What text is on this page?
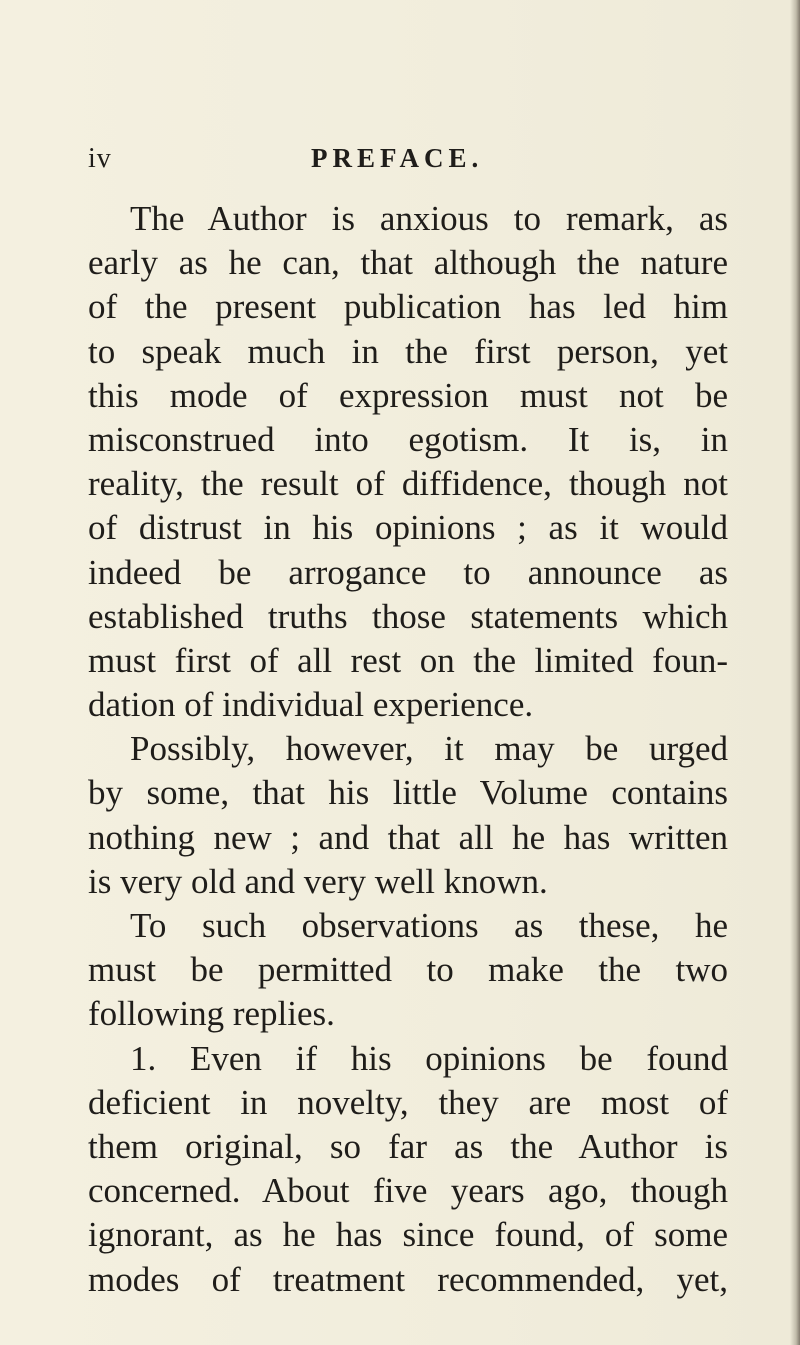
iv	PREFACE.
The Author is anxious to remark, as
early as he can, that although the nature
of the present publication has led him
to speak much in the first person, yet
this mode of expression must not be
misconstrued into egotism. It is, in
reality, the result of diffidence, though not
of distrust in his opinions ; as it would
indeed be arrogance to announce as
established truths those statements which
must first of all rest on the limited foun-
dation of individual experience.
Possibly, however, it may be urged
by some, that his little Volume contains
nothing new ; and that all he has written
is very old and very well known.
To such observations as these, he
must be permitted to make the two
following replies.
1. Even if his opinions be found
deficient in novelty, they are most of
them original, so far as the Author is
concerned. About five years ago, though
ignorant, as he has since found, of some
modes of treatment recommended, yet,
